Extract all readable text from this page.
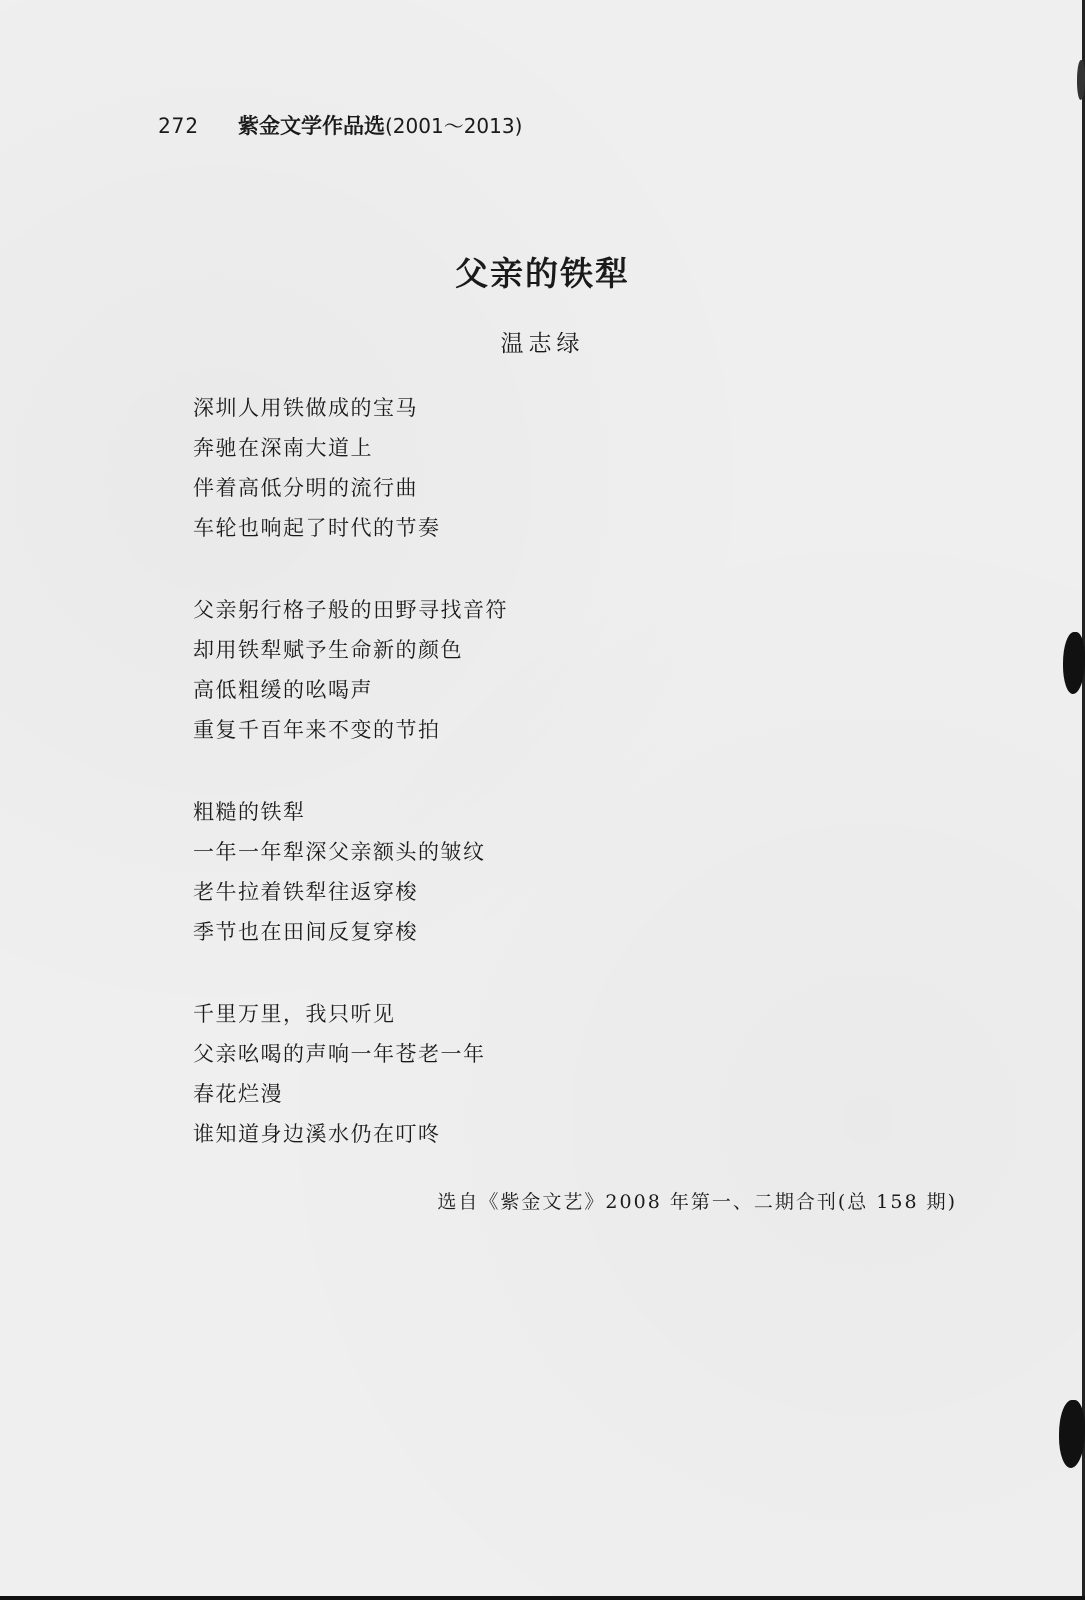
272	紫金文学作品选 (2001～2013)
父亲的铁犁
温志绿
深圳人用铁做成的宝马
奔驰在深南大道上
伴着高低分明的流行曲
车轮也响起了时代的节奏
父亲躬行格子般的田野寻找音符
却用铁犁赋予生命新的颜色
高低粗缓的吆喝声
重复千百年来不变的节拍
粗糙的铁犁
一年一年犁深父亲额头的皱纹
老牛拉着铁犁往返穿梭
季节也在田间反复穿梭
千里万里，我只听见
父亲吆喝的声响一年苍老一年
春花烂漫
谁知道身边溪水仍在叮咚
选自《紫金文艺》2008 年第一、二期合刊(总 158 期)
